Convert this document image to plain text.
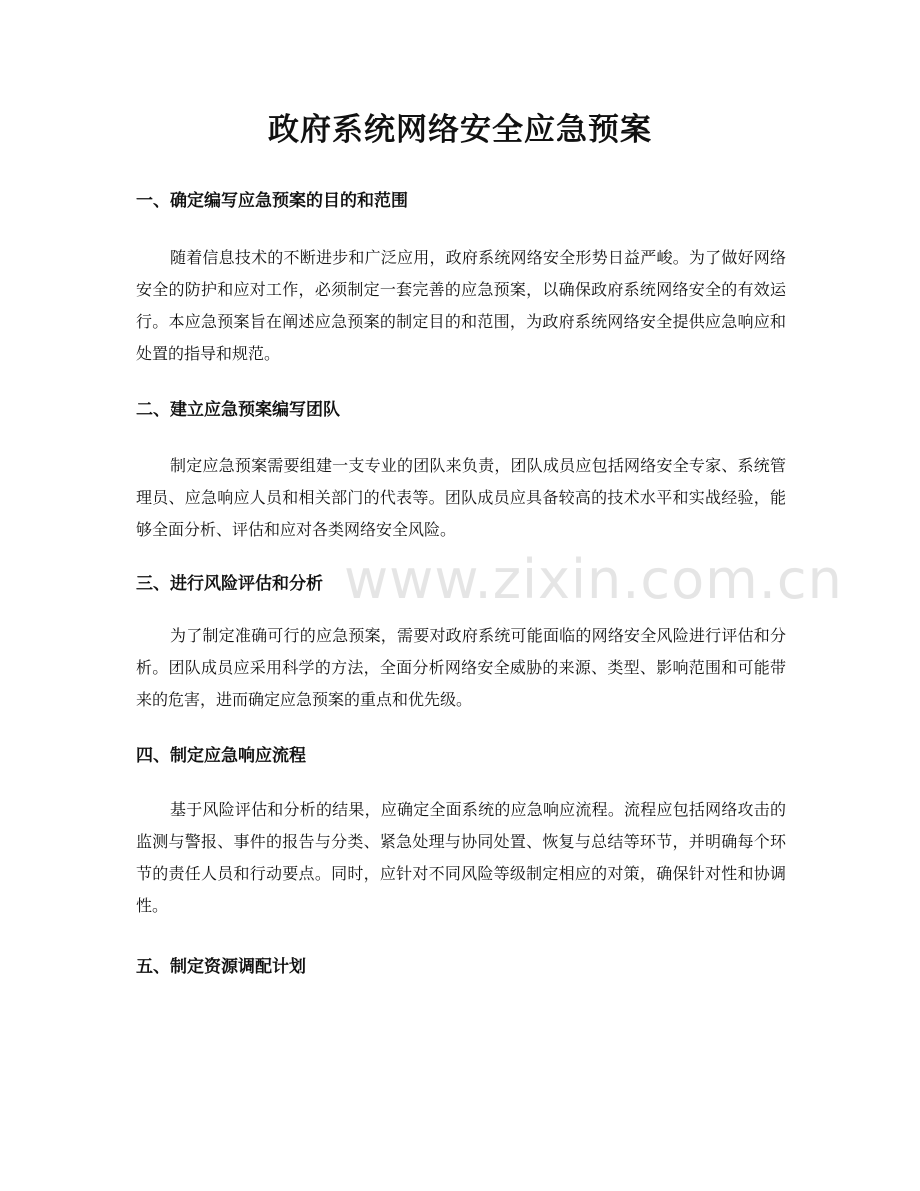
政府系统网络安全应急预案
www.zixin.com.cn
一、确定编写应急预案的目的和范围
随着信息技术的不断进步和广泛应用，政府系统网络安全形势日益严峻。为了做好网络安全的防护和应对工作，必须制定一套完善的应急预案，以确保政府系统网络安全的有效运行。本应急预案旨在阐述应急预案的制定目的和范围，为政府系统网络安全提供应急响应和处置的指导和规范。
二、建立应急预案编写团队
制定应急预案需要组建一支专业的团队来负责，团队成员应包括网络安全专家、系统管理员、应急响应人员和相关部门的代表等。团队成员应具备较高的技术水平和实战经验，能够全面分析、评估和应对各类网络安全风险。
三、进行风险评估和分析
为了制定准确可行的应急预案，需要对政府系统可能面临的网络安全风险进行评估和分析。团队成员应采用科学的方法，全面分析网络安全威胁的来源、类型、影响范围和可能带来的危害，进而确定应急预案的重点和优先级。
四、制定应急响应流程
基于风险评估和分析的结果，应确定全面系统的应急响应流程。流程应包括网络攻击的监测与警报、事件的报告与分类、紧急处理与协同处置、恢复与总结等环节，并明确每个环节的责任人员和行动要点。同时，应针对不同风险等级制定相应的对策，确保针对性和协调性。
五、制定资源调配计划
